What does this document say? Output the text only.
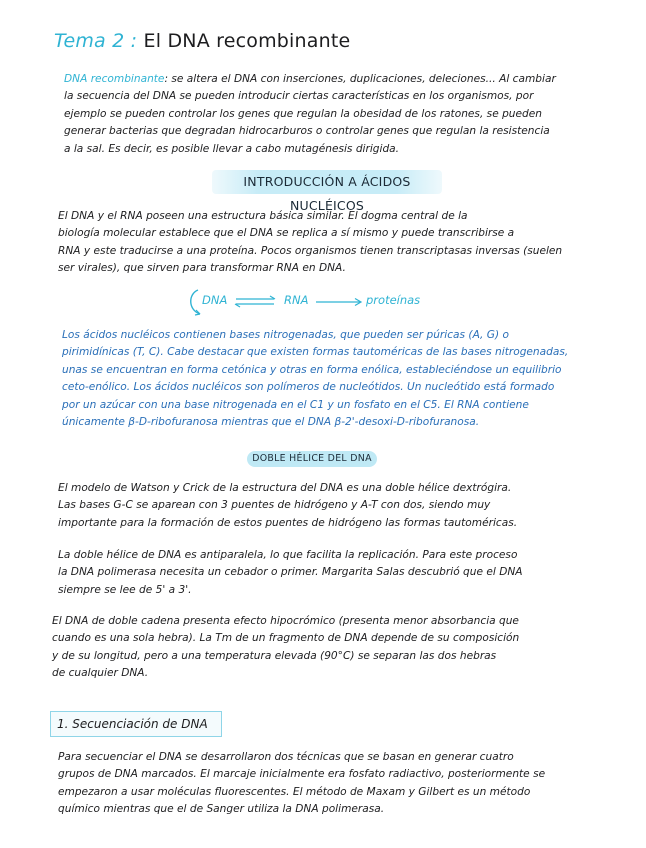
Tema 2 : El DNA recombinante

DNA recombinante: se altera el DNA con inserciones, duplicaciones, deleciones... Al cambiar
la secuencia del DNA se pueden introducir ciertas características en los organismos, por
ejemplo se pueden controlar los genes que regulan la obesidad de los ratones, se pueden
generar bacterias que degradan hidrocarburos o controlar genes que regulan la resistencia
a la sal. Es decir, es posible llevar a cabo mutagénesis dirigida.

INTRODUCCIÓN A ÁCIDOS NUCLÉICOS

El DNA y el RNA poseen una estructura básica similar. El dogma central de la
biología molecular establece que el DNA se replica a sí mismo y puede transcribirse a
RNA y este traducirse a una proteína. Pocos organismos tienen transcriptasas inversas (suelen
ser virales), que sirven para transformar RNA en DNA.

DNA	RNA	proteínas

Los ácidos nucléicos contienen bases nitrogenadas, que pueden ser púricas (A, G) o
pirimidínicas (T, C). Cabe destacar que existen formas tautoméricas de las bases nitrogenadas,
unas se encuentran en forma cetónica y otras en forma enólica, estableciéndose un equilibrio
ceto-enólico. Los ácidos nucléicos son polímeros de nucleótidos. Un nucleótido está formado
por un azúcar con una base nitrogenada en el C1 y un fosfato en el C5. El RNA contiene
únicamente β-D-ribofuranosa mientras que el DNA β-2'-desoxi-D-ribofuranosa.

DOBLE HÉLICE DEL DNA

El modelo de Watson y Crick de la estructura del DNA es una doble hélice dextrógira.
Las bases G-C se aparean con 3 puentes de hidrógeno y A-T con dos, siendo muy
importante para la formación de estos puentes de hidrógeno las formas tautoméricas.

La doble hélice de DNA es antiparalela, lo que facilita la replicación. Para este proceso
la DNA polimerasa necesita un cebador o primer. Margarita Salas descubrió que el DNA
siempre se lee de 5' a 3'.

El DNA de doble cadena presenta efecto hipocrómico (presenta menor absorbancia que
cuando es una sola hebra). La Tm de un fragmento de DNA depende de su composición
y de su longitud, pero a una temperatura elevada (90°C) se separan las dos hebras
de cualquier DNA.

1. Secuenciación de DNA

Para secuenciar el DNA se desarrollaron dos técnicas que se basan en generar cuatro
grupos de DNA marcados. El marcaje inicialmente era fosfato radiactivo, posteriormente se
empezaron a usar moléculas fluorescentes. El método de Maxam y Gilbert es un método
químico mientras que el de Sanger utiliza la DNA polimerasa.
